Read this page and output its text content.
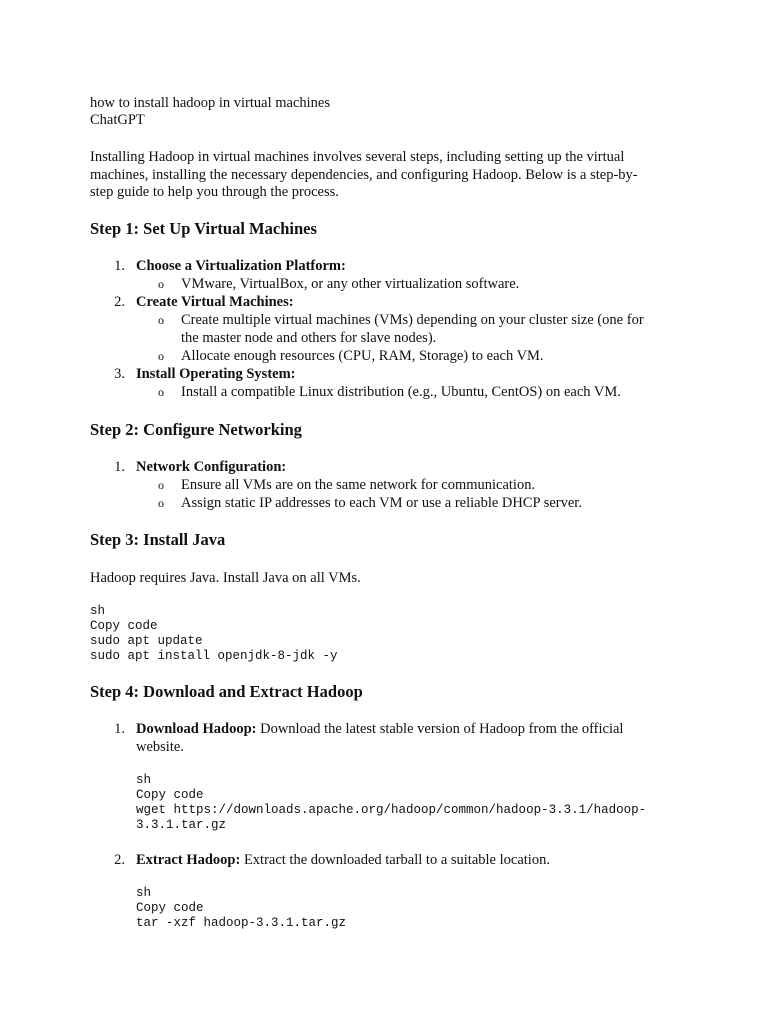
how to install hadoop in virtual machines
ChatGPT
Installing Hadoop in virtual machines involves several steps, including setting up the virtual
machines, installing the necessary dependencies, and configuring Hadoop. Below is a step-by-
step guide to help you through the process.
Step 1: Set Up Virtual Machines
1. Choose a Virtualization Platform:
o VMware, VirtualBox, or any other virtualization software.
2. Create Virtual Machines:
o Create multiple virtual machines (VMs) depending on your cluster size (one for
the master node and others for slave nodes).
o Allocate enough resources (CPU, RAM, Storage) to each VM.
3. Install Operating System:
o Install a compatible Linux distribution (e.g., Ubuntu, CentOS) on each VM.
Step 2: Configure Networking
1. Network Configuration:
o Ensure all VMs are on the same network for communication.
o Assign static IP addresses to each VM or use a reliable DHCP server.
Step 3: Install Java
Hadoop requires Java. Install Java on all VMs.
sh
Copy code
sudo apt update
sudo apt install openjdk-8-jdk -y
Step 4: Download and Extract Hadoop
1. Download Hadoop: Download the latest stable version of Hadoop from the official
website.
sh
Copy code
wget https://downloads.apache.org/hadoop/common/hadoop-3.3.1/hadoop-
3.3.1.tar.gz
2. Extract Hadoop: Extract the downloaded tarball to a suitable location.
sh
Copy code
tar -xzf hadoop-3.3.1.tar.gz
